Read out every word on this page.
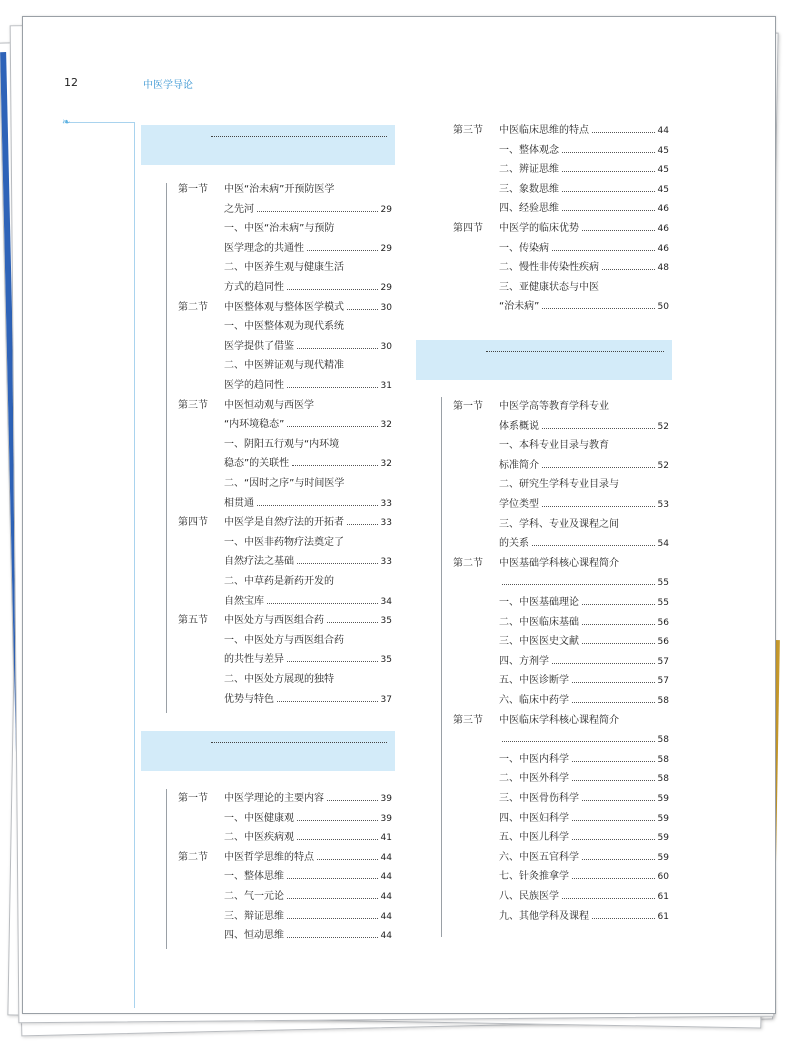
12	中医学导论
❧
第一节	中医“治未病”开预防医学
之先河	29
一、中医“治未病”与预防
医学理念的共通性	29
二、中医养生观与健康生活
方式的趋同性	29
第二节	中医整体观与整体医学模式	30
一、中医整体观为现代系统
医学提供了借鉴	30
二、中医辨证观与现代精准
医学的趋同性	31
第三节	中医恒动观与西医学
“内环境稳态”	32
一、阴阳五行观与“内环境
稳态”的关联性	32
二、“因时之序”与时间医学
相贯通	33
第四节	中医学是自然疗法的开拓者	33
一、中医非药物疗法奠定了
自然疗法之基础	33
二、中草药是新药开发的
自然宝库	34
第五节	中医处方与西医组合药	35
一、中医处方与西医组合药
的共性与差异	35
二、中医处方展现的独特
优势与特色	37
第一节	中医学理论的主要内容	39
一、中医健康观	39
二、中医疾病观	41
第二节	中医哲学思维的特点	44
一、整体思维	44
二、气一元论	44
三、辩证思维	44
四、恒动思维	44
第三节	中医临床思维的特点	44
一、整体观念	45
二、辨证思维	45
三、象数思维	45
四、经验思维	46
第四节	中医学的临床优势	46
一、传染病	46
二、慢性非传染性疾病	48
三、亚健康状态与中医
“治未病”	50
第一节	中医学高等教育学科专业
体系概说	52
一、本科专业目录与教育
标准简介	52
二、研究生学科专业目录与
学位类型	53
三、学科、专业及课程之间
的关系	54
第二节	中医基础学科核心课程简介
55
一、中医基础理论	55
二、中医临床基础	56
三、中医医史文献	56
四、方剂学	57
五、中医诊断学	57
六、临床中药学	58
第三节	中医临床学科核心课程简介
58
一、中医内科学	58
二、中医外科学	58
三、中医骨伤科学	59
四、中医妇科学	59
五、中医儿科学	59
六、中医五官科学	59
七、针灸推拿学	60
八、民族医学	61
九、其他学科及课程	61
